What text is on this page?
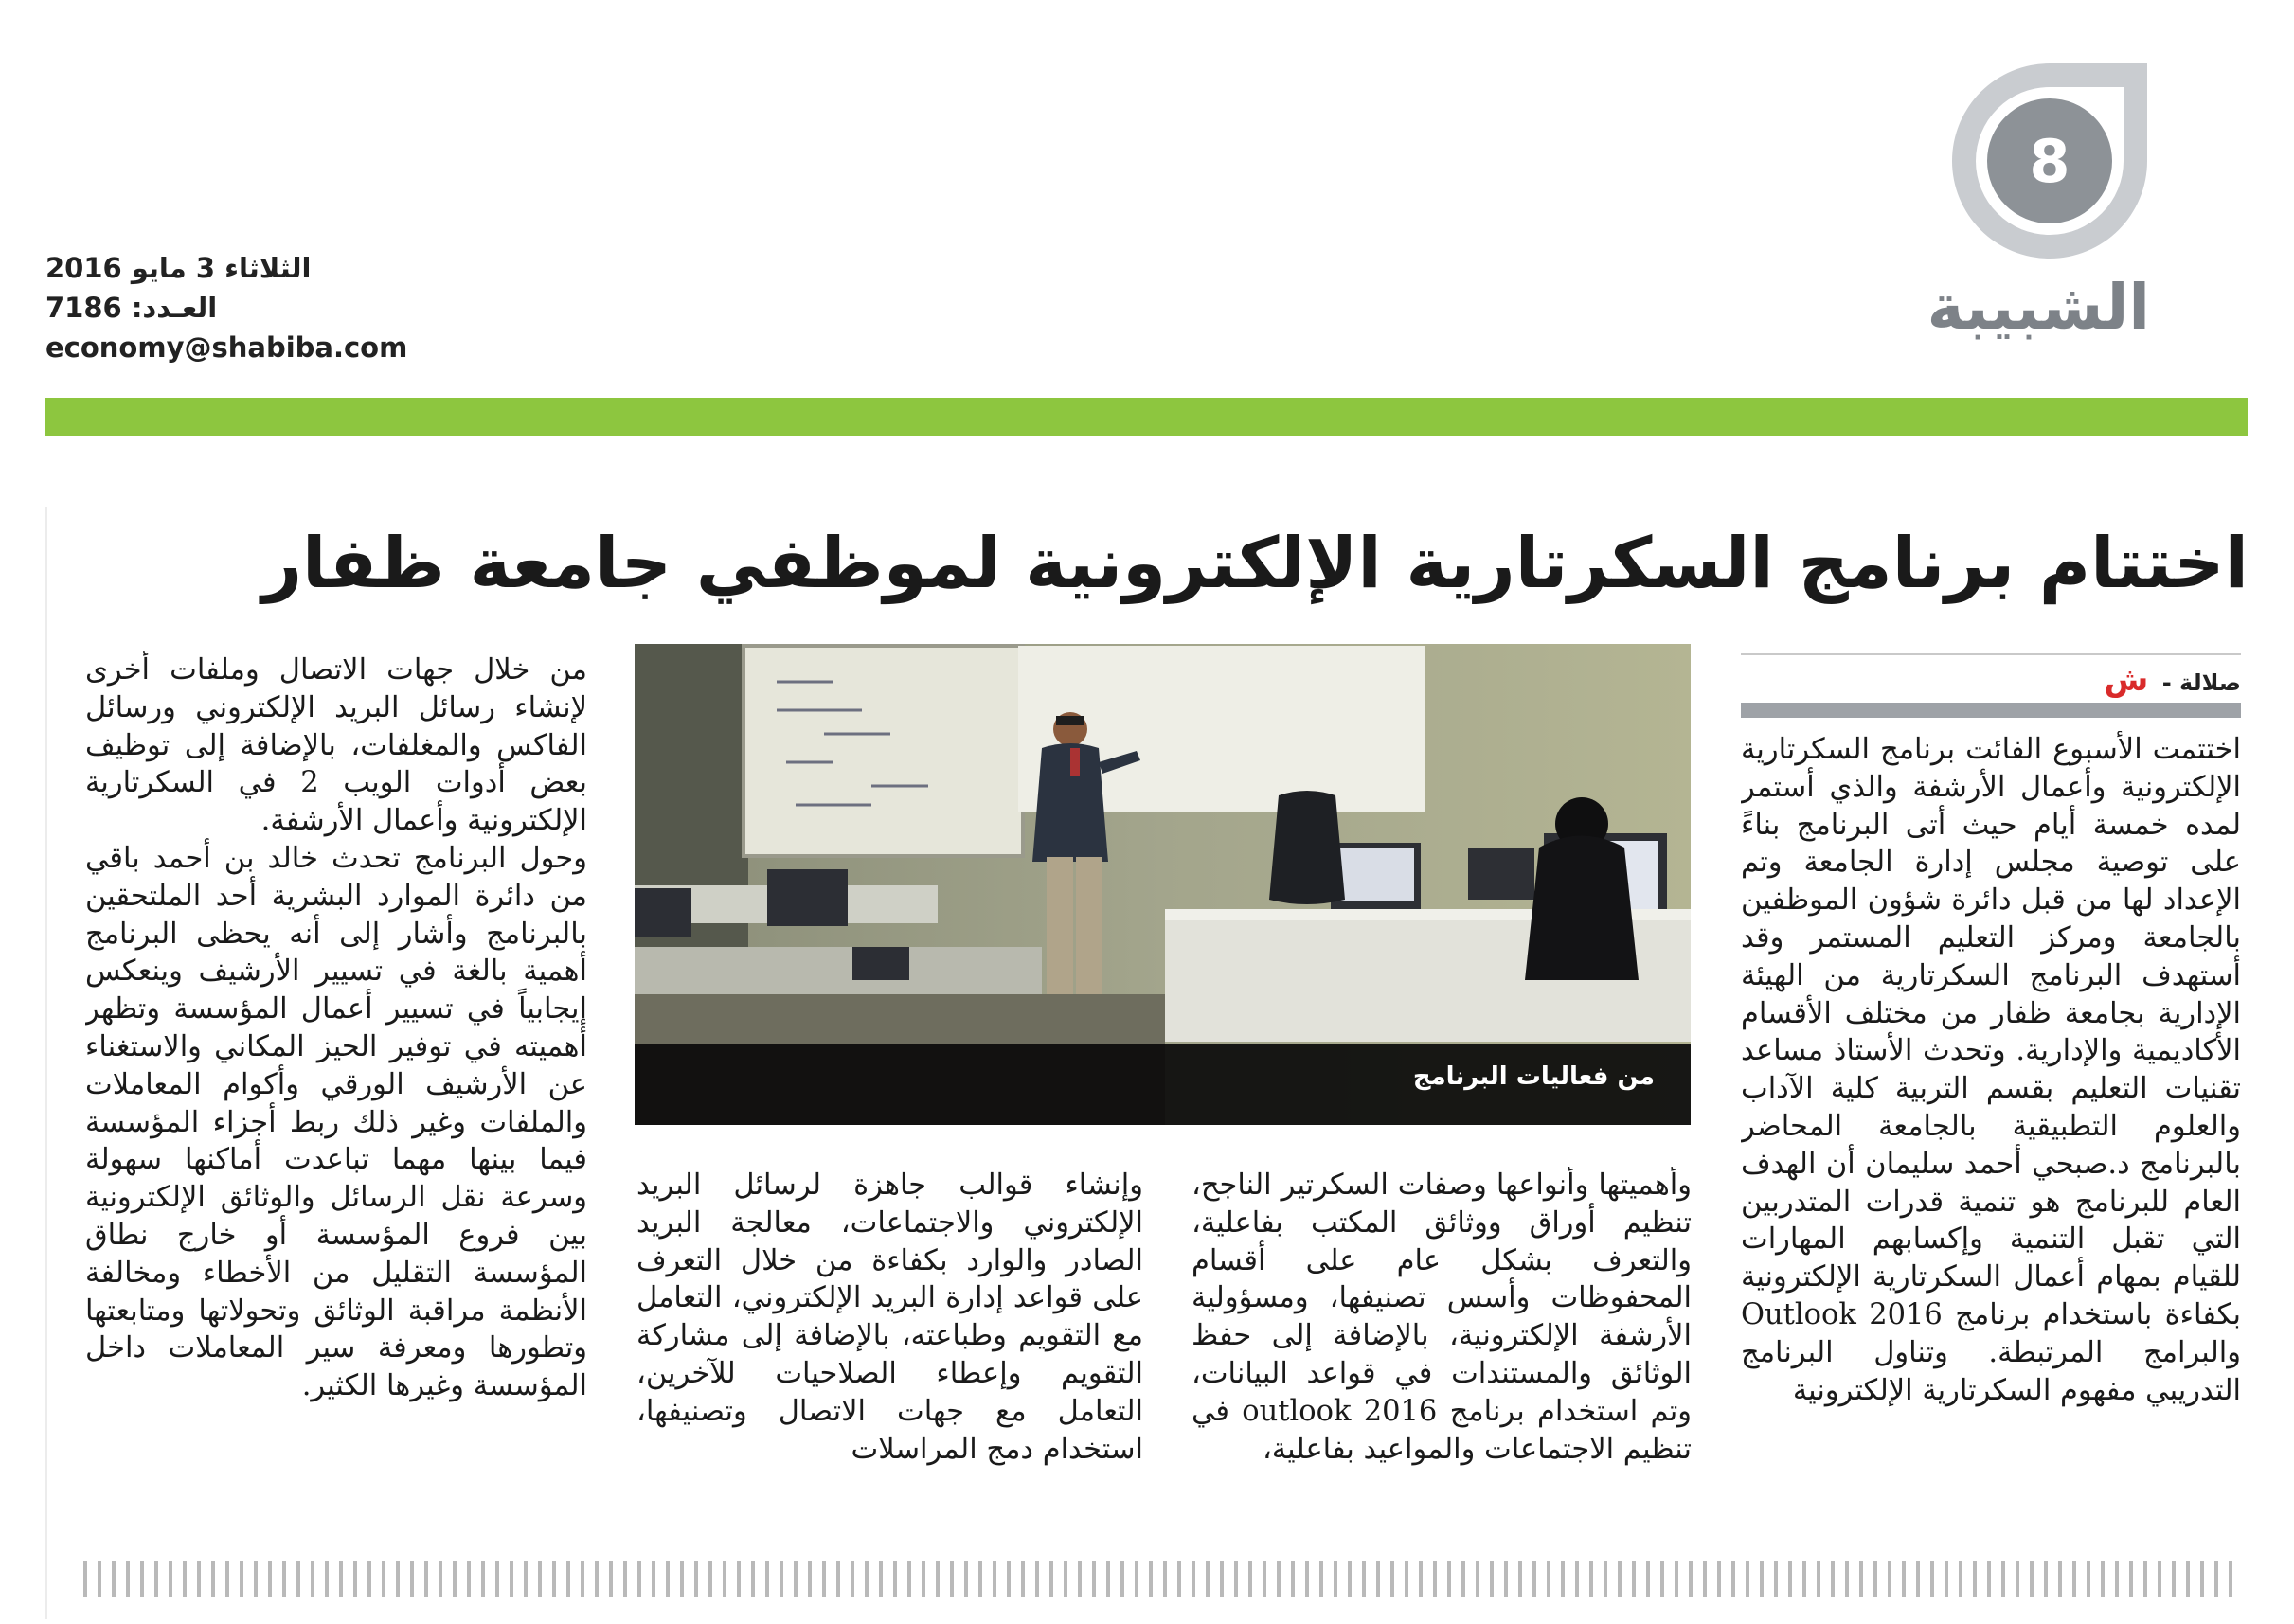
8
الشبيبة
الثلاثاء 3 مايو 2016
العـدد: 7186
economy@shabiba.com
اختتام برنامج السكرتارية الإلكترونية لموظفي جامعة ظفار
صلالة - ش

اختتمت الأسبوع الفائت برنامج السكرتارية الإلكترونية وأعمال الأرشفة والذي أستمر لمده خمسة أيام حيث أتى البرنامج بناءً على توصية مجلس إدارة الجامعة وتم الإعداد لها من قبل دائرة شؤون الموظفين بالجامعة ومركز التعليم المستمر وقد أستهدف البرنامج السكرتارية من الهيئة الإدارية بجامعة ظفار من مختلف الأقسام الأكاديمية والإدارية. وتحدث الأستاذ مساعد تقنيات التعليم بقسم التربية كلية الآداب والعلوم التطبيقية بالجامعة المحاضر بالبرنامج د.صبحي أحمد سليمان أن الهدف العام للبرنامج هو تنمية قدرات المتدربين التي تقبل التنمية وإكسابهم المهارات للقيام بمهام أعمال السكرتارية الإلكترونية بكفاءة باستخدام برنامج Outlook 2016 والبرامج المرتبطة. وتناول البرنامج التدريبي مفهوم السكرتارية الإلكترونية

وأهميتها وأنواعها وصفات السكرتير الناجح، تنظيم أوراق ووثائق المكتب بفاعلية، والتعرف بشكل عام على أقسام المحفوظات وأسس تصنيفها، ومسؤولية الأرشفة الإلكترونية، بالإضافة إلى حفظ الوثائق والمستندات في قواعد البيانات، وتم استخدام برنامج outlook 2016 في تنظيم الاجتماعات والمواعيد بفاعلية،

وإنشاء قوالب جاهزة لرسائل البريد الإلكتروني والاجتماعات، معالجة البريد الصادر والوارد بكفاءة من خلال التعرف على قواعد إدارة البريد الإلكتروني، التعامل مع التقويم وطباعته، بالإضافة إلى مشاركة التقويم وإعطاء الصلاحيات للآخرين، التعامل مع جهات الاتصال وتصنيفها، استخدام دمج المراسلات

من خلال جهات الاتصال وملفات أخرى لإنشاء رسائل البريد الإلكتروني ورسائل الفاكس والمغلفات، بالإضافة إلى توظيف بعض أدوات الويب 2 في السكرتارية الإلكترونية وأعمال الأرشفة.

وحول البرنامج تحدث خالد بن أحمد باقي من دائرة الموارد البشرية أحد الملتحقين بالبرنامج وأشار إلى أنه يحظى البرنامج أهمية بالغة في تسيير الأرشيف وينعكس إيجابياً في تسيير أعمال المؤسسة وتظهر أهميته في توفير الحيز المكاني والاستغناء عن الأرشيف الورقي وأكوام المعاملات والملفات وغير ذلك ربط أجزاء المؤسسة فيما بينها مهما تباعدت أماكنها سهولة وسرعة نقل الرسائل والوثائق الإلكترونية بين فروع المؤسسة أو خارج نطاق المؤسسة التقليل من الأخطاء ومخالفة الأنظمة مراقبة الوثائق وتحولاتها ومتابعتها وتطورها ومعرفة سير المعاملات داخل المؤسسة وغيرها الكثير.

من فعاليات البرنامج
